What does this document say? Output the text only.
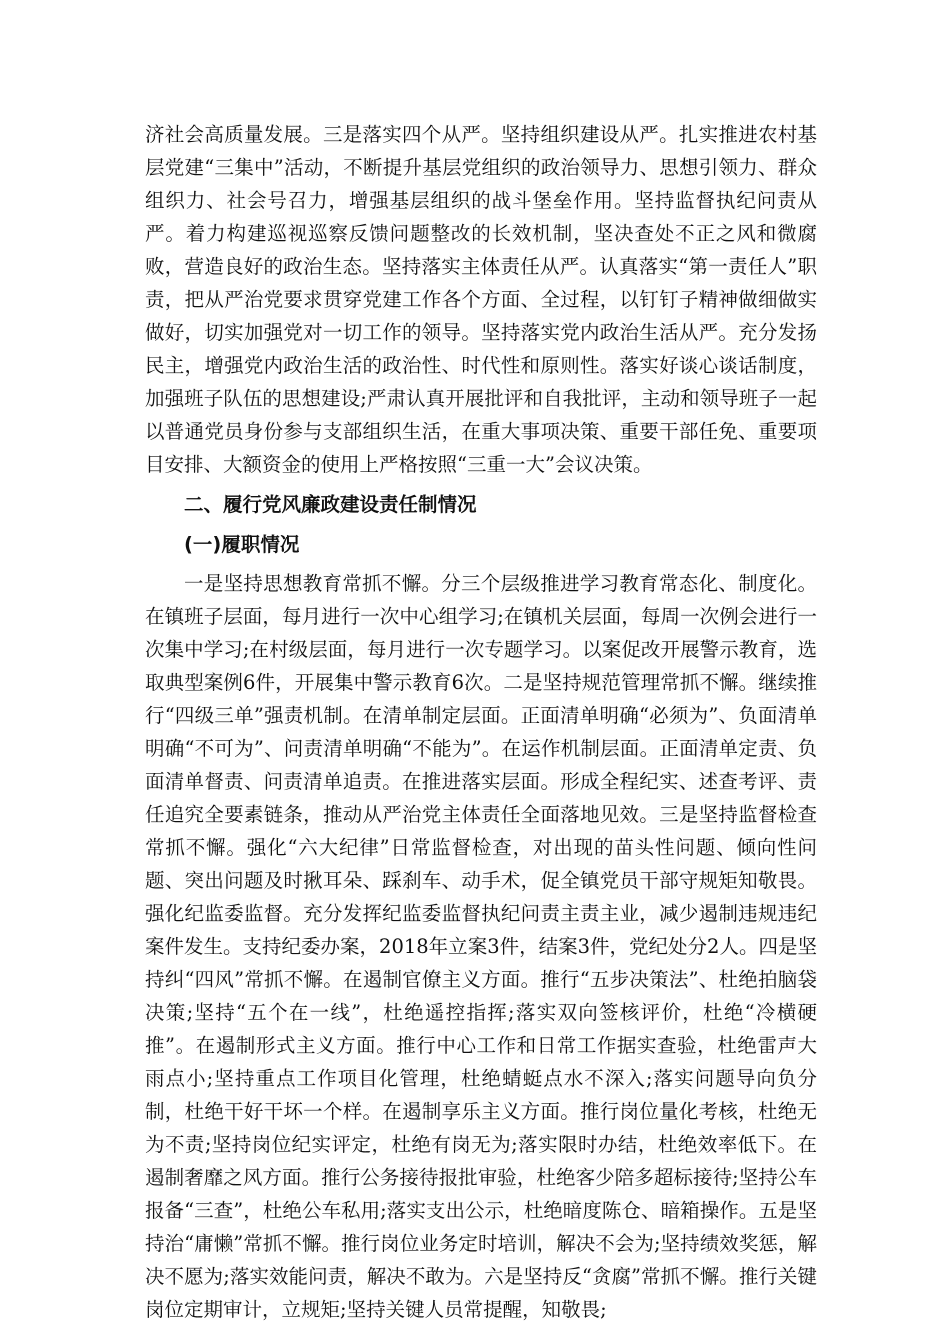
济社会高质量发展。三是落实四个从严。坚持组织建设从严。扎实推进农村基层党建“三集中”活动，不断提升基层党组织的政治领导力、思想引领力、群众组织力、社会号召力，增强基层组织的战斗堡垒作用。坚持监督执纪问责从严。着力构建巡视巡察反馈问题整改的长效机制，坚决查处不正之风和微腐败，营造良好的政治生态。坚持落实主体责任从严。认真落实“第一责任人”职责，把从严治党要求贯穿党建工作各个方面、全过程，以钉钉子精神做细做实做好，切实加强党对一切工作的领导。坚持落实党内政治生活从严。充分发扬民主，增强党内政治生活的政治性、时代性和原则性。落实好谈心谈话制度，加强班子队伍的思想建设;严肃认真开展批评和自我批评，主动和领导班子一起以普通党员身份参与支部组织生活，在重大事项决策、重要干部任免、重要项目安排、大额资金的使用上严格按照“三重一大”会议决策。

二、履行党风廉政建设责任制情况
(一)履职情况

一是坚持思想教育常抓不懈。分三个层级推进学习教育常态化、制度化。在镇班子层面，每月进行一次中心组学习;在镇机关层面，每周一次例会进行一次集中学习;在村级层面，每月进行一次专题学习。以案促改开展警示教育，选取典型案例6件，开展集中警示教育6次。二是坚持规范管理常抓不懈。继续推行“四级三单”强责机制。在清单制定层面。正面清单明确“必须为”、负面清单明确“不可为”、问责清单明确“不能为”。在运作机制层面。正面清单定责、负面清单督责、问责清单追责。在推进落实层面。形成全程纪实、述查考评、责任追究全要素链条，推动从严治党主体责任全面落地见效。三是坚持监督检查常抓不懈。强化“六大纪律”日常监督检查，对出现的苗头性问题、倾向性问题、突出问题及时揪耳朵、踩刹车、动手术，促全镇党员干部守规矩知敬畏。强化纪监委监督。充分发挥纪监委监督执纪问责主责主业，减少遏制违规违纪案件发生。支持纪委办案，2018年立案3件，结案3件，党纪处分2人。四是坚持纠“四风”常抓不懈。在遏制官僚主义方面。推行“五步决策法”、杜绝拍脑袋决策;坚持“五个在一线”，杜绝遥控指挥;落实双向签核评价，杜绝“冷横硬推”。在遏制形式主义方面。推行中心工作和日常工作据实查验，杜绝雷声大雨点小;坚持重点工作项目化管理，杜绝蜻蜓点水不深入;落实问题导向负分制，杜绝干好干坏一个样。在遏制享乐主义方面。推行岗位量化考核，杜绝无为不责;坚持岗位纪实评定，杜绝有岗无为;落实限时办结，杜绝效率低下。在遏制奢靡之风方面。推行公务接待报批审验，杜绝客少陪多超标接待;坚持公车报备“三查”，杜绝公车私用;落实支出公示，杜绝暗度陈仓、暗箱操作。五是坚持治“庸懒”常抓不懈。推行岗位业务定时培训，解决不会为;坚持绩效奖惩，解决不愿为;落实效能问责，解决不敢为。六是坚持反“贪腐”常抓不懈。推行关键岗位定期审计，立规矩;坚持关键人员常提醒，知敬畏;
